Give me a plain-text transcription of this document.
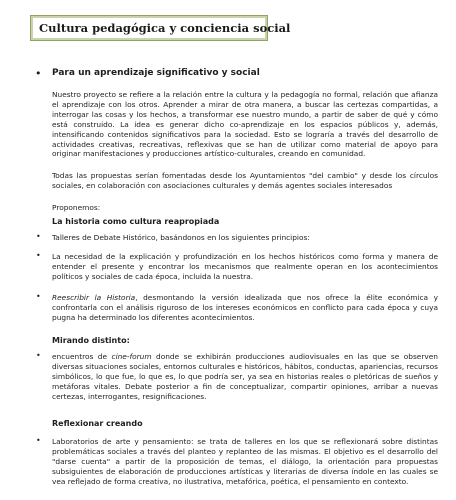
Cultura pedagógica y conciencia social
• Para un aprendizaje significativo y social

Nuestro proyecto se refiere a la relación entre la cultura y la pedagogía no formal, relación que afianza el aprendizaje con los otros. Aprender a mirar de otra manera, a buscar las certezas compartidas, a interrogar las cosas y los hechos, a transformar ese nuestro mundo, a partir de saber de qué y cómo está construido. La idea es generar dicho co-aprendizaje en los espacios públicos y, además, intensificando contenidos significativos para la sociedad. Esto se lograría a través del desarrollo de actividades creativas, recreativas, reflexivas que se han de utilizar como material de apoyo para originar manifestaciones y producciones artístico-culturales, creando en comunidad.

Todas las propuestas serían fomentadas desde los Ayuntamientos "del cambio" y desde los círculos sociales, en colaboración con asociaciones culturales y demás agentes sociales interesados

Proponemos:

La historia como cultura reapropiada
• Talleres de Debate Histórico, basándonos en los siguientes principios:

• La necesidad de la explicación y profundización en los hechos históricos como forma y manera de entender el presente y encontrar los mecanismos que realmente operan en los acontecimientos políticos y sociales de cada época, incluida la nuestra.

• Reescribir la Historia, desmontando la versión idealizada que nos ofrece la élite económica y confrontarla con el análisis riguroso de los intereses económicos en conflicto para cada época y cuya pugna ha determinado los diferentes acontecimientos.

Mirando distinto:
• encuentros de cine-forum donde se exhibirán producciones audiovisuales en las que se observen diversas situaciones sociales, entornos culturales e históricos, hábitos, conductas, apariencias, recursos simbólicos, lo que fue, lo que es, lo que podría ser, ya sea en historias reales o pletóricas de sueños y metáforas vitales. Debate posterior a fin de conceptualizar, compartir opiniones, arribar a nuevas certezas, interrogantes, resignificaciones.

Reflexionar creando
• Laboratorios de arte y pensamiento: se trata de talleres en los que se reflexionará sobre distintas problemáticas sociales a través del planteo y replanteo de las mismas. El objetivo es el desarrollo del "darse cuenta" a partir de la proposición de temas, el diálogo, la orientación para propuestas subsiguientes de elaboración de producciones artísticas y literarias de diversa índole en las cuales se vea reflejado de forma creativa, no ilustrativa, metafórica, poética, el pensamiento en contexto.
